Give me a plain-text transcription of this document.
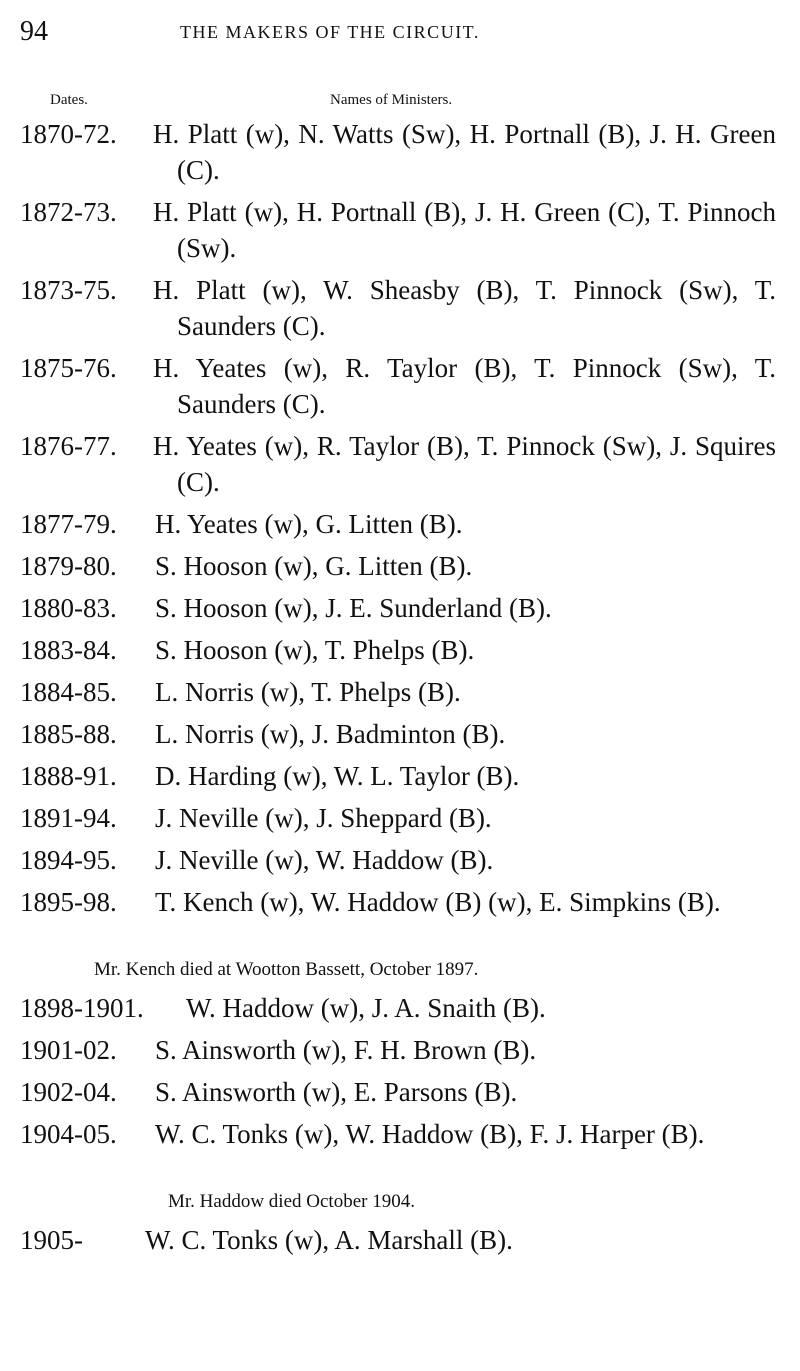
94	THE MAKERS OF THE CIRCUIT.
Dates.	Names of Ministers.
1870-72. H. Platt (w), N. Watts (Sw), H. Portnall (B), J. H. Green (C).
1872-73. H. Platt (w), H. Portnall (B), J. H. Green (C), T. Pinnoch (Sw).
1873-75. H. Platt (w), W. Sheasby (B), T. Pinnock (Sw), T. Saunders (C).
1875-76. H. Yeates (w), R. Taylor (B), T. Pinnock (Sw), T. Saunders (C).
1876-77. H. Yeates (w), R. Taylor (B), T. Pinnock (Sw), J. Squires (C).
1877-79. H. Yeates (w), G. Litten (B).
1879-80. S. Hooson (w), G. Litten (B).
1880-83. S. Hooson (w), J. E. Sunderland (B).
1883-84. S. Hooson (w), T. Phelps (B).
1884-85. L. Norris (w), T. Phelps (B).
1885-88. L. Norris (w), J. Badminton (B).
1888-91. D. Harding (w), W. L. Taylor (B).
1891-94. J. Neville (w), J. Sheppard (B).
1894-95. J. Neville (w), W. Haddow (B).
1895-98. T. Kench (w), W. Haddow (B) (w), E. Simpkins (B).
Mr. Kench died at Wootton Bassett, October 1897.
1898-1901. W. Haddow (w), J. A. Snaith (B).
1901-02. S. Ainsworth (w), F. H. Brown (B).
1902-04. S. Ainsworth (w), E. Parsons (B).
1904-05. W. C. Tonks (w), W. Haddow (B), F. J. Harper (B).
Mr. Haddow died October 1904.
1905- W. C. Tonks (w), A. Marshall (B).
